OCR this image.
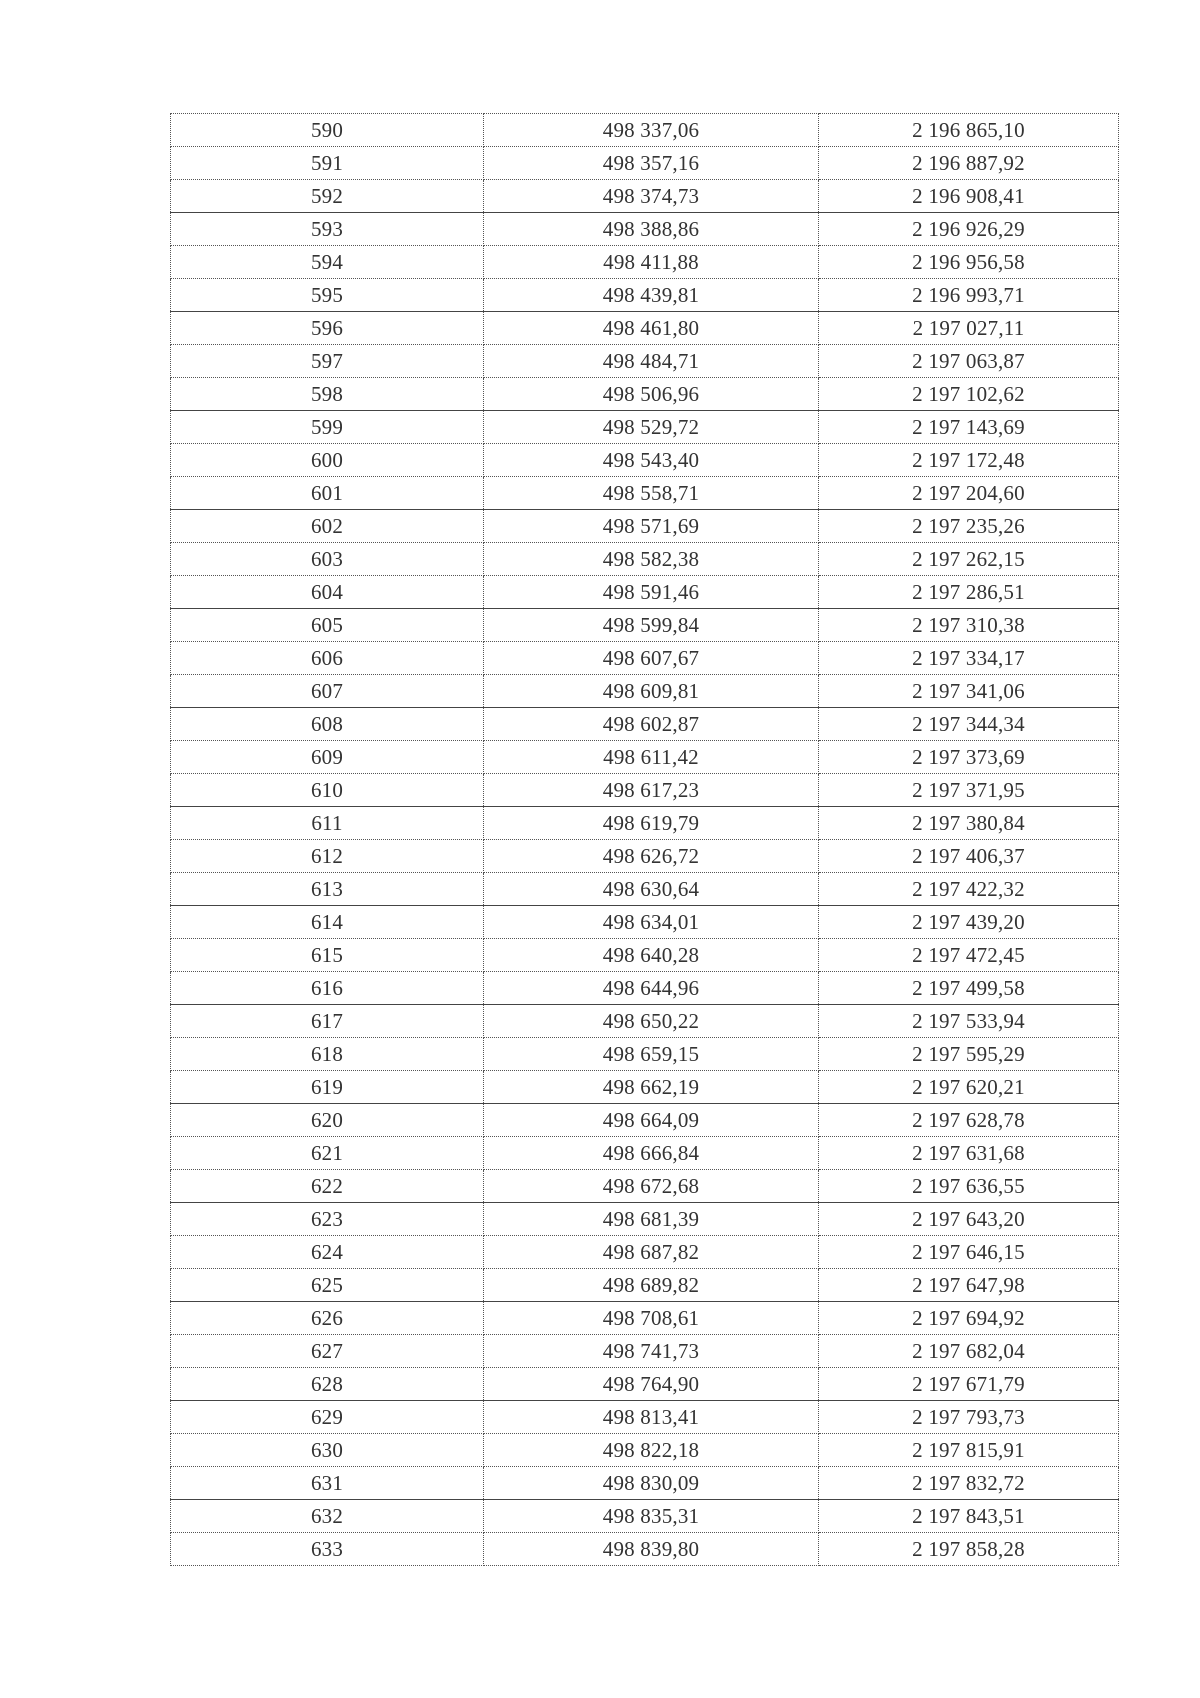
590	498 337,06	2 196 865,10
591	498 357,16	2 196 887,92
592	498 374,73	2 196 908,41
593	498 388,86	2 196 926,29
594	498 411,88	2 196 956,58
595	498 439,81	2 196 993,71
596	498 461,80	2 197 027,11
597	498 484,71	2 197 063,87
598	498 506,96	2 197 102,62
599	498 529,72	2 197 143,69
600	498 543,40	2 197 172,48
601	498 558,71	2 197 204,60
602	498 571,69	2 197 235,26
603	498 582,38	2 197 262,15
604	498 591,46	2 197 286,51
605	498 599,84	2 197 310,38
606	498 607,67	2 197 334,17
607	498 609,81	2 197 341,06
608	498 602,87	2 197 344,34
609	498 611,42	2 197 373,69
610	498 617,23	2 197 371,95
611	498 619,79	2 197 380,84
612	498 626,72	2 197 406,37
613	498 630,64	2 197 422,32
614	498 634,01	2 197 439,20
615	498 640,28	2 197 472,45
616	498 644,96	2 197 499,58
617	498 650,22	2 197 533,94
618	498 659,15	2 197 595,29
619	498 662,19	2 197 620,21
620	498 664,09	2 197 628,78
621	498 666,84	2 197 631,68
622	498 672,68	2 197 636,55
623	498 681,39	2 197 643,20
624	498 687,82	2 197 646,15
625	498 689,82	2 197 647,98
626	498 708,61	2 197 694,92
627	498 741,73	2 197 682,04
628	498 764,90	2 197 671,79
629	498 813,41	2 197 793,73
630	498 822,18	2 197 815,91
631	498 830,09	2 197 832,72
632	498 835,31	2 197 843,51
633	498 839,80	2 197 858,28
